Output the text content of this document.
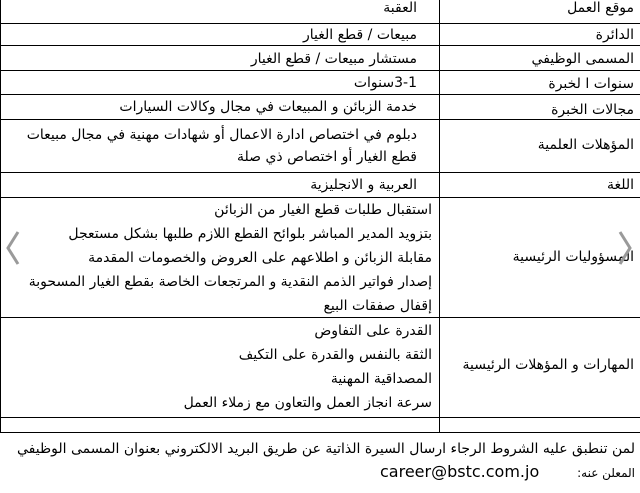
موقع العمل
العقبة
الدائرة
مبيعات / قطع الغيار
المسمى الوظيفي
مستشار مبيعات / قطع الغيار
سنوات ا لخبرة
3-1سنوات
مجالات الخبرة
خدمة الزبائن و المبيعات في مجال وكالات السيارات
المؤهلات العلمية
دبلوم في اختصاص ادارة الاعمال أو شهادات مهنية في مجال مبيعات قطع الغيار أو اختصاص ذي صلة
اللغة
العربية و الانجليزية
المسؤوليات الرئيسية
استقبال طلبات قطع الغيار من الزبائن
بتزويد المدير المباشر بلوائح القطع اللازم طلبها بشكل مستعجل
مقابلة الزبائن و اطلاعهم على العروض والخصومات المقدمة
إصدار فواتير الذمم النقدية و المرتجعات الخاصة بقطع الغيار المسحوبة
إقفال صفقات البيع
المهارات و المؤهلات الرئيسية
القدرة على التفاوض
الثقة بالنفس والقدرة على التكيف
المصداقية المهنية
سرعة انجاز العمل والتعاون مع زملاء العمل
لمن تنطبق عليه الشروط الرجاء ارسال السيرة الذاتية عن طريق البريد الالكتروني بعنوان المسمى الوظيفي
المعلن عنه:
career@bstc.com.jo
